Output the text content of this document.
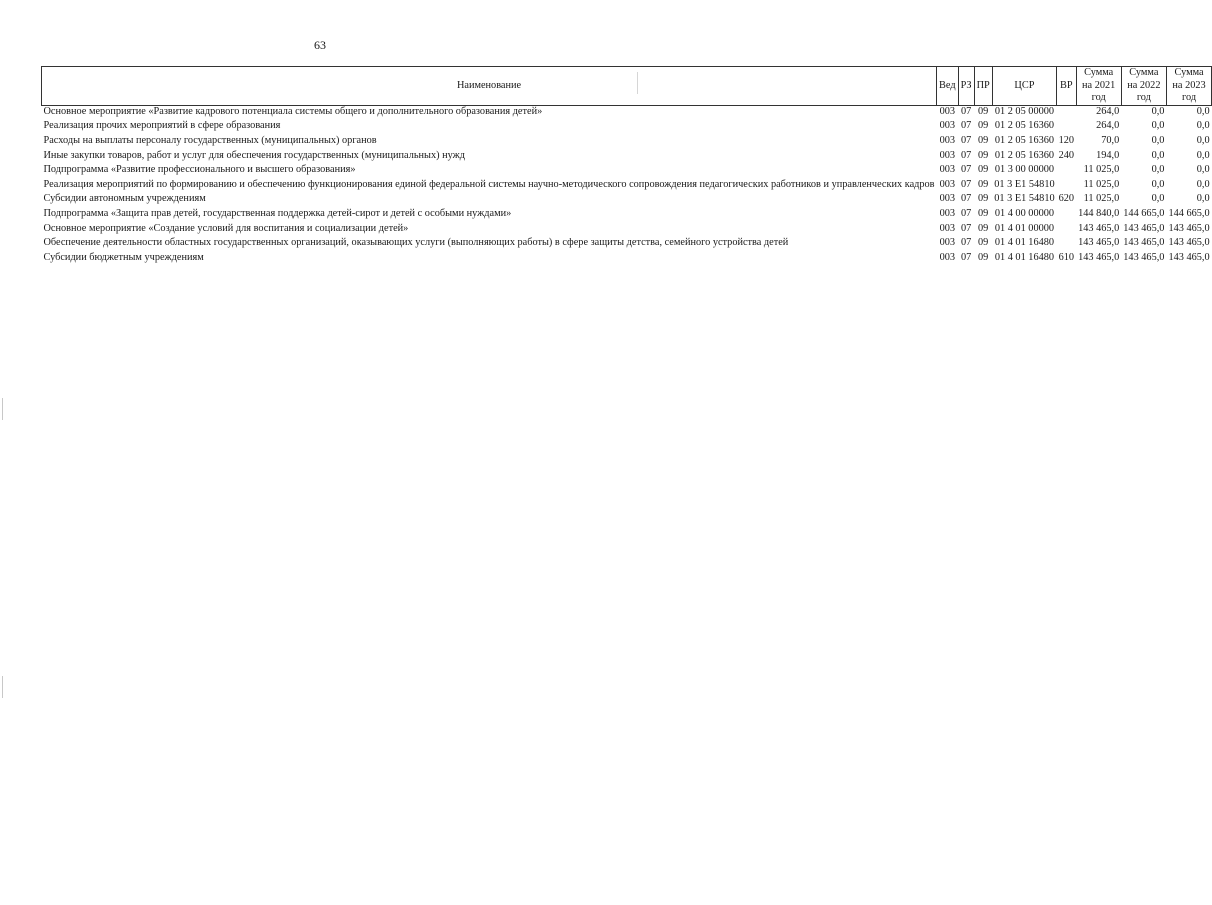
63
Наименование	Вед	РЗ	ПР	ЦСР	ВР	Сумма на 2021 год	Сумма на 2022 год	Сумма на 2023 год
Основное мероприятие «Развитие кадрового потенциала системы общего и дополнительного образования детей»	003	07	09	01 2 05 00000		264,0	0,0	0,0

Реализация прочих мероприятий в сфере образования	003	07	09	01 2 05 16360		264,0	0,0	0,0

Расходы на выплаты персоналу государственных (муниципальных) органов	003	07	09	01 2 05 16360	120	70,0	0,0	0,0

Иные закупки товаров, работ и услуг для обеспечения государственных (муниципальных) нужд	003	07	09	01 2 05 16360	240	194,0	0,0	0,0

Подпрограмма «Развитие профессионального и высшего образования»	003	07	09	01 3 00 00000		11 025,0	0,0	0,0

Реализация мероприятий по формированию и обеспечению функционирования единой федеральной системы научно-методического сопровождения педагогических работников и управленческих кадров	003	07	09	01 3 E1 54810		11 025,0	0,0	0,0

Субсидии автономным учреждениям	003	07	09	01 3 E1 54810	620	11 025,0	0,0	0,0

Подпрограмма «Защита прав детей, государственная поддержка детей-сирот и детей с особыми нуждами»	003	07	09	01 4 00 00000		144 840,0	144 665,0	144 665,0

Основное мероприятие «Создание условий для воспитания и социализации детей»	003	07	09	01 4 01 00000		143 465,0	143 465,0	143 465,0

Обеспечение деятельности областных государственных организаций, оказывающих услуги (выполняющих работы) в сфере защиты детства, семейного устройства детей	003	07	09	01 4 01 16480		143 465,0	143 465,0	143 465,0

Субсидии бюджетным учреждениям	003	07	09	01 4 01 16480	610	143 465,0	143 465,0	143 465,0
